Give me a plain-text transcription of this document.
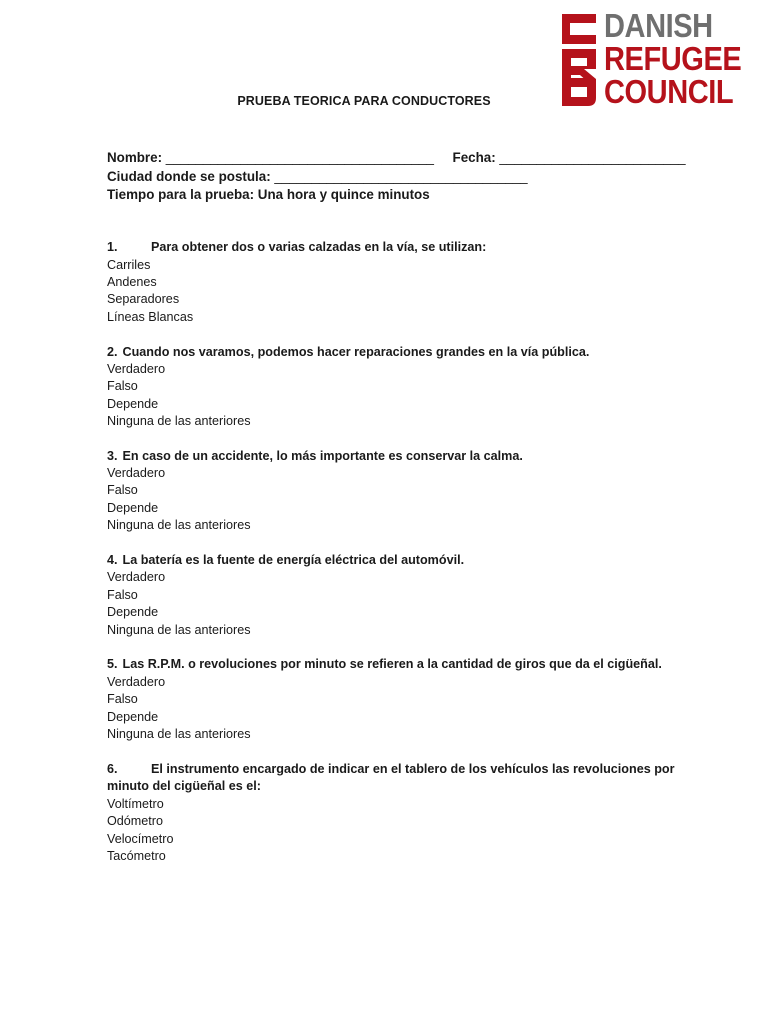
DANISH
REFUGEE
COUNCIL
PRUEBA TEORICA PARA CONDUCTORES
Nombre: ____________________________________ Fecha: _________________________
Ciudad donde se postula: __________________________________
Tiempo para la prueba: Una hora y quince minutos
1.	Para obtener dos o varias calzadas en la vía, se utilizan:
Carriles
Andenes
Separadores
Líneas Blancas
2. Cuando nos varamos, podemos hacer reparaciones grandes en la vía pública.
Verdadero
Falso
Depende
Ninguna de las anteriores
3. En caso de un accidente, lo más importante es conservar la calma.
Verdadero
Falso
Depende
Ninguna de las anteriores
4. La batería es la fuente de energía eléctrica del automóvil.
Verdadero
Falso
Depende
Ninguna de las anteriores
5. Las R.P.M. o revoluciones por minuto se refieren a la cantidad de giros que da el cigüeñal.
Verdadero
Falso
Depende
Ninguna de las anteriores
6.	El instrumento encargado de indicar en el tablero de los vehículos las revoluciones por
minuto del cigüeñal es el:
Voltímetro
Odómetro
Velocímetro
Tacómetro
